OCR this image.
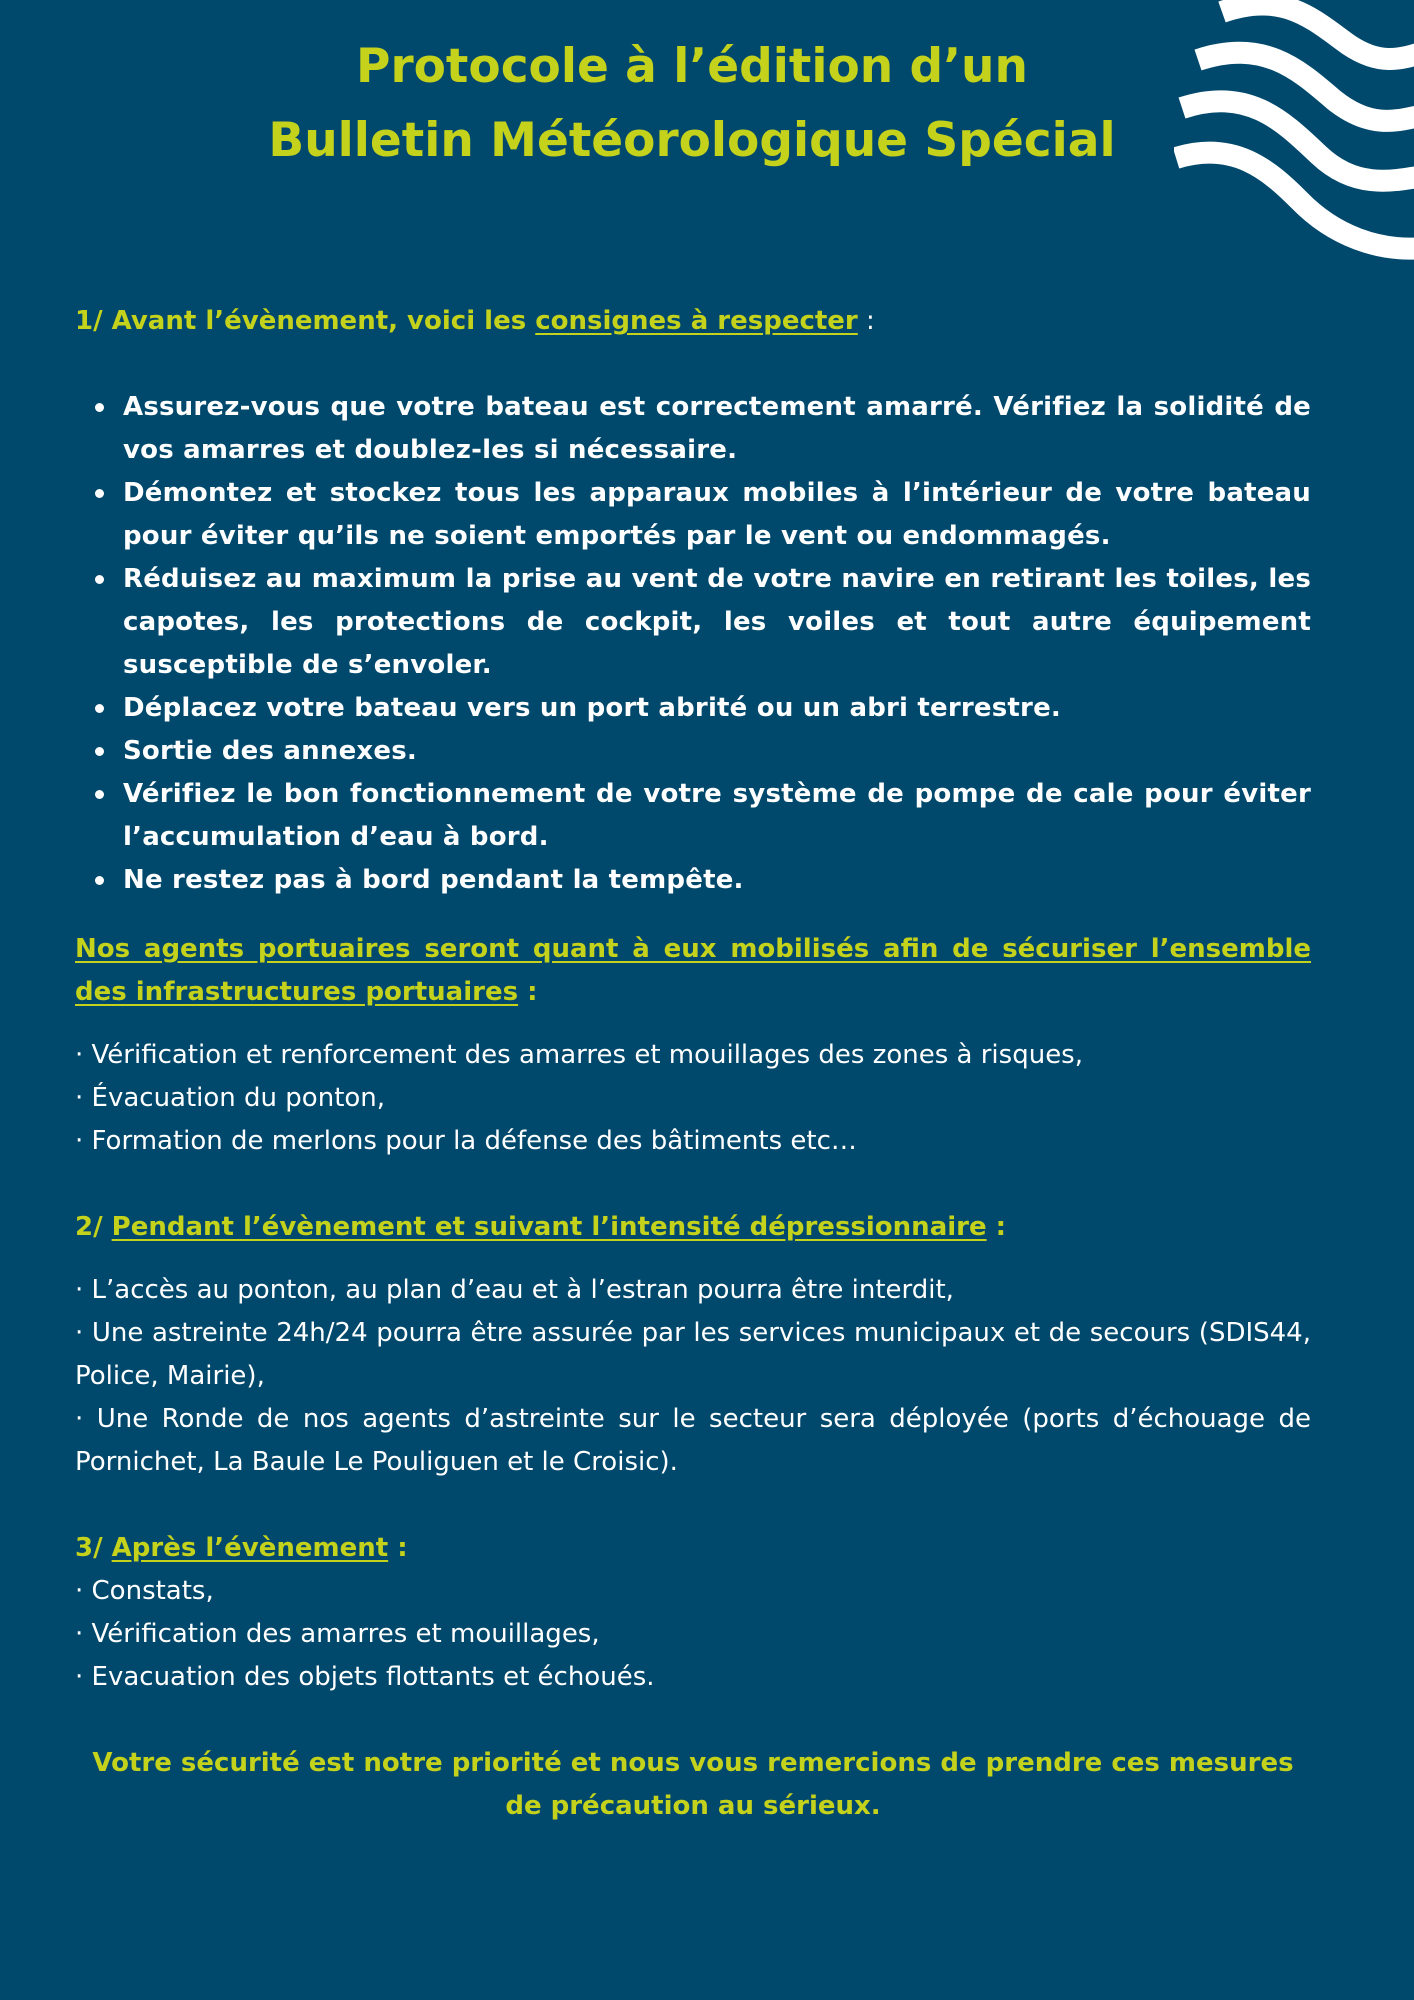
Protocole à l’édition d’un
Bulletin Météorologique Spécial

1/ Avant l’évènement, voici les consignes à respecter :

Assurez-vous que votre bateau est correctement amarré. Vérifiez la solidité de vos amarres et doublez-les si nécessaire.
Démontez et stockez tous les apparaux mobiles à l’intérieur de votre bateau pour éviter qu’ils ne soient emportés par le vent ou endommagés.
Réduisez au maximum la prise au vent de votre navire en retirant les toiles, les capotes, les protections de cockpit, les voiles et tout autre équipement susceptible de s’envoler.
Déplacez votre bateau vers un port abrité ou un abri terrestre.
Sortie des annexes.
Vérifiez le bon fonctionnement de votre système de pompe de cale pour éviter l’accumulation d’eau à bord.
Ne restez pas à bord pendant la tempête.
Nos agents portuaires seront quant à eux mobilisés afin de sécuriser l’ensemble des infrastructures portuaires :
· Vérification et renforcement des amarres et mouillages des zones à risques,
· Évacuation du ponton,
· Formation de merlons pour la défense des bâtiments etc…
2/ Pendant l’évènement et suivant l’intensité dépressionnaire :
· L’accès au ponton, au plan d’eau et à l’estran pourra être interdit,
· Une astreinte 24h/24 pourra être assurée par les services municipaux et de secours (SDIS44, Police, Mairie),
· Une Ronde de nos agents d’astreinte sur le secteur sera déployée (ports d’échouage de Pornichet, La Baule Le Pouliguen et le Croisic).
3/ Après l’évènement :
· Constats,
· Vérification des amarres et mouillages,
· Evacuation des objets flottants et échoués.
Votre sécurité est notre priorité et nous vous remercions de prendre ces mesures de précaution au sérieux.
